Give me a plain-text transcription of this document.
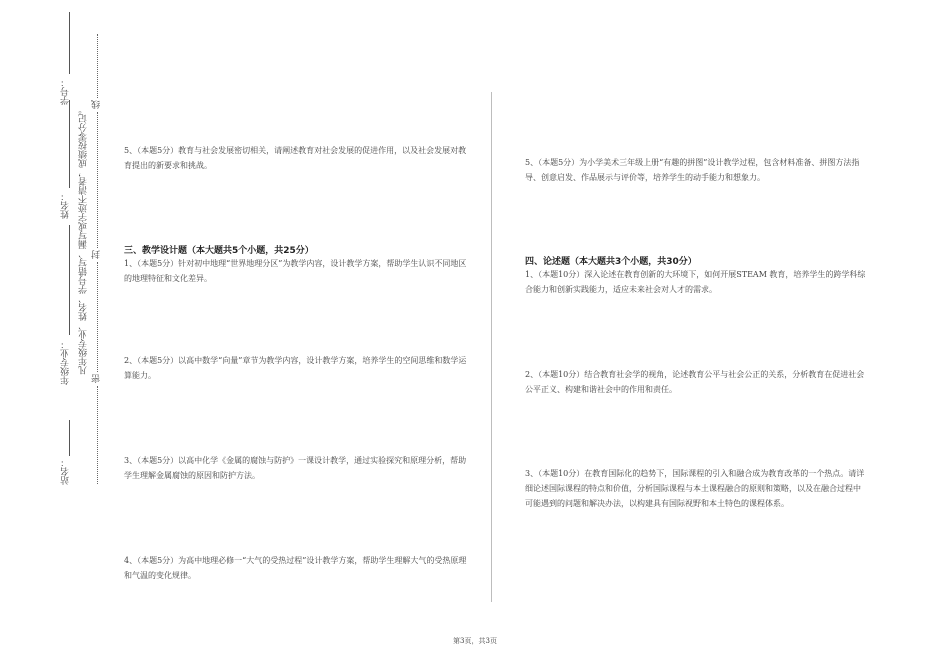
站名：
年级专业：
姓名：
学号：
凡年级专业、姓名、学号错写、漏写或字迹不清者，成绩按零分记。
线
封
密
5、（本题5分）教育与社会发展密切相关，请阐述教育对社会发展的促进作用，以及社会发展对教育提出的新要求和挑战。
三、教学设计题（本大题共5个小题，共25分）
1、（本题5分）针对初中地理“世界地理分区”为教学内容，设计教学方案，帮助学生认识不同地区的地理特征和文化差异。
2、（本题5分）以高中数学“向量”章节为教学内容，设计教学方案，培养学生的空间思维和数学运算能力。
3、（本题5分）以高中化学《金属的腐蚀与防护》一课设计教学，通过实验探究和原理分析，帮助学生理解金属腐蚀的原因和防护方法。
4、（本题5分）为高中地理必修一“大气的受热过程”设计教学方案，帮助学生理解大气的受热原理和气温的变化规律。
5、（本题5分）为小学美术三年级上册“有趣的拼图”设计教学过程，包含材料准备、拼图方法指导、创意启发、作品展示与评价等，培养学生的动手能力和想象力。
四、论述题（本大题共3个小题，共30分）
1、（本题10分）深入论述在教育创新的大环境下，如何开展STEAM 教育，培养学生的跨学科综合能力和创新实践能力，适应未来社会对人才的需求。
2、（本题10分）结合教育社会学的视角，论述教育公平与社会公正的关系，分析教育在促进社会公平正义、构建和谐社会中的作用和责任。
3、（本题10分）在教育国际化的趋势下，国际课程的引入和融合成为教育改革的一个热点。请详细论述国际课程的特点和价值，分析国际课程与本土课程融合的原则和策略，以及在融合过程中可能遇到的问题和解决办法，以构建具有国际视野和本土特色的课程体系。
第3页，共3页
